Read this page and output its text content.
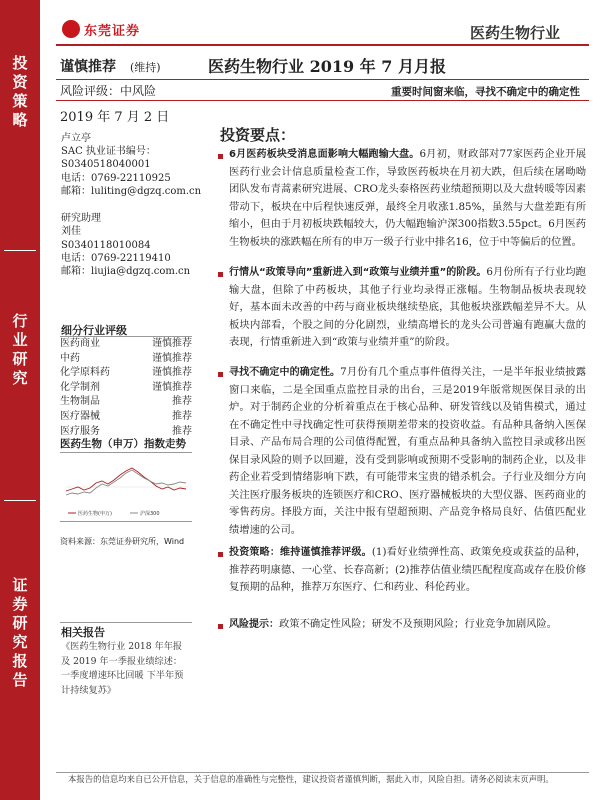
投
资
策
略
行
业
研
究
证
券
研
究
报
告
东莞证券	医药生物行业
谨慎推荐 (维持)	医药生物行业 2019 年 7 月月报
风险评级：中风险	重要时间窗来临，寻找不确定中的确定性
2019 年 7 月 2 日
卢立亭
SAC 执业证书编号：
S0340518040001
电话：0769-22110925
邮箱：luliting@dgzq.com.cn
研究助理
刘佳
S0340118010084
电话：0769-22119410
邮箱：liujia@dgzq.com.cn
细分行业评级
医药商业	谨慎推荐
中药	谨慎推荐
化学原料药	谨慎推荐
化学制剂	谨慎推荐
生物制品	推荐
医疗器械	推荐
医疗服务	推荐
医药生物（申万）指数走势
医药生物(申万)	沪深300
资料来源：东莞证券研究所，Wind
相关报告
《医药生物行业 2018 年年报及 2019 年一季报业绩综述：一季度增速环比回暖 下半年预计持续复苏》
投资要点：
6月医药板块受消息面影响大幅跑输大盘。6月初，财政部对77家医药企业开展医药行业会计信息质量检查工作，导致医药板块在月初大跌，但后续在屠呦呦团队发布青蒿素研究进展、CRO龙头泰格医药业绩超预期以及大盘转暖等因素带动下，板块在中后程快速反弹，最终全月收涨1.85%，虽然与大盘差距有所缩小，但由于月初板块跌幅较大，仍大幅跑输沪深300指数3.55pct。6月医药生物板块的涨跌幅在所有的申万一级子行业中排名16，位于中等偏后的位置。
行情从“政策导向”重新进入到“政策与业绩并重”的阶段。6月份所有子行业均跑输大盘，但除了中药板块，其他子行业均录得正涨幅。生物制品板块表现较好，基本面未改善的中药与商业板块继续垫底，其他板块涨跌幅差异不大。从板块内部看，个股之间的分化剧烈，业绩高增长的龙头公司普遍有跑赢大盘的表现，行情重新进入到“政策与业绩并重”的阶段。
寻找不确定中的确定性。7月份有几个重点事件值得关注，一是半年报业绩披露窗口来临，二是全国重点监控目录的出台，三是2019年版常规医保目录的出炉。对于制药企业的分析着重点在于核心品种、研发管线以及销售模式，通过在不确定性中寻找确定性可获得预期差带来的投资收益。有品种具备纳入医保目录、产品布局合理的公司值得配置，有重点品种具备纳入监控目录或移出医保目录风险的则予以回避，没有受到影响或预期不受影响的制药企业，以及非药企业若受到情绪影响下跌，有可能带来宝贵的错杀机会。子行业及细分方向关注医疗服务板块的连锁医疗和CRO、医疗器械板块的大型仪器、医药商业的零售药房。择股方面，关注中报有望超预期、产品竞争格局良好、估值匹配业绩增速的公司。
投资策略：维持谨慎推荐评级。(1)看好业绩弹性高、政策免疫或获益的品种，推荐药明康德、一心堂、长春高新；(2)推荐估值业绩匹配程度高或存在股价修复预期的品种，推荐万东医疗、仁和药业、科伦药业。
风险提示：政策不确定性风险；研发不及预期风险；行业竞争加剧风险。
本报告的信息均来自已公开信息，关于信息的准确性与完整性，建议投资者谨慎判断，据此入市，风险自担。请务必阅读末页声明。
